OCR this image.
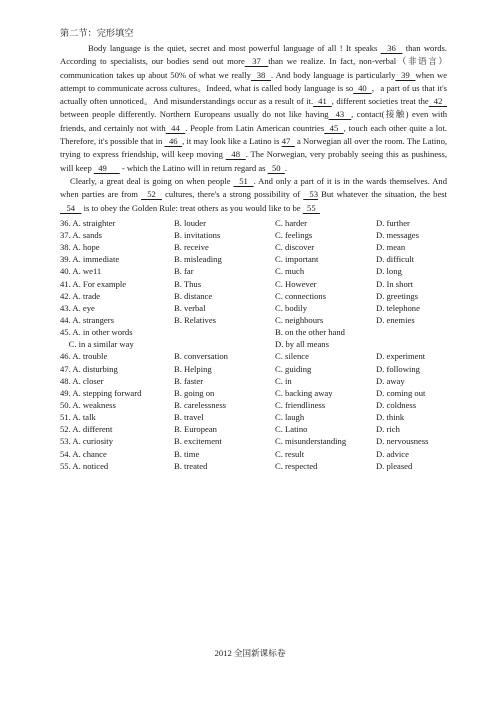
第二节：完形填空

Body language is the quiet, secret and most powerful language of all ! It speaks   36   than words. According to specialists, our bodies send out more  37  than we realize. In fact, non-verbal（非语言）communication takes up about 50% of what we really  38  . And body language is particularly  39  when we attempt to communicate across cultures。Indeed, what is called body language is so  40  ，a part of us that it's actually often unnoticed。And misunderstandings occur as a result of it.  41  , different societies treat the  42   between people differently. Northern Europeans usually do not like having  43  , contact(接触) even with friends, and certainly not with  44  . People from Latin American countries  45  , touch each other quite a lot. Therefore, it's possible that in   46  , it may look like a Latino is 47   a Norwegian all over the room. The Latino, trying to express friendship, will keep moving   48  . The Norwegian, very probably seeing this as pushiness, will keep   49       - which the Latino will in return regard as   50  .

Clearly, a great deal is going on when people   51  . And only a part of it is in the wards themselves. And when parties are from   52   cultures, there's a strong possibility of   53 But whatever the situation, the best    54    is to obey the Golden Rule: treat others as you would like to be   55

36. A. straighter	B. louder	C. harder	D. further
37. A. sands	B. invitations	C. feelings	D. messages
38. A. hope	B. receive	C. discover	D. mean
39. A. immediate	B. misleading	C. important	D. difficult
40. A. we11	B. far	C. much	D. long
41. A. For example	B. Thus	C. However	D. In short
42. A. trade	B. distance	C. connections	D. greetings
43. A. eye	B. verbal	C. bodily	D. telephone
44. A. strangers	B. Relatives	C. neighbours	D. enemies
45. A. in other words	B. on the other hand
C. in a similar way	D. by all means
46. A. trouble	B. conversation	C. silence	D. experiment
47. A. disturbing	B. Helping	C. guiding	D. following
48. A. closer	B. faster	C. in	D. away
49. A. stepping forward	B. going on	C. backing away	D. coming out
50. A. weakness	B. carelessness	C. friendliness	D. coldness
51. A. talk	B. travel	C. laugh	D. think
52. A. different	B. European	C. Latino	D. rich
53. A. curiosity	B. excitement	C. misunderstanding	D. nervousness
54. A. chance	B. time	C. result	D. advice
55. A. noticed	B. treated	C. respected	D. pleased
2012 全国新课标卷
